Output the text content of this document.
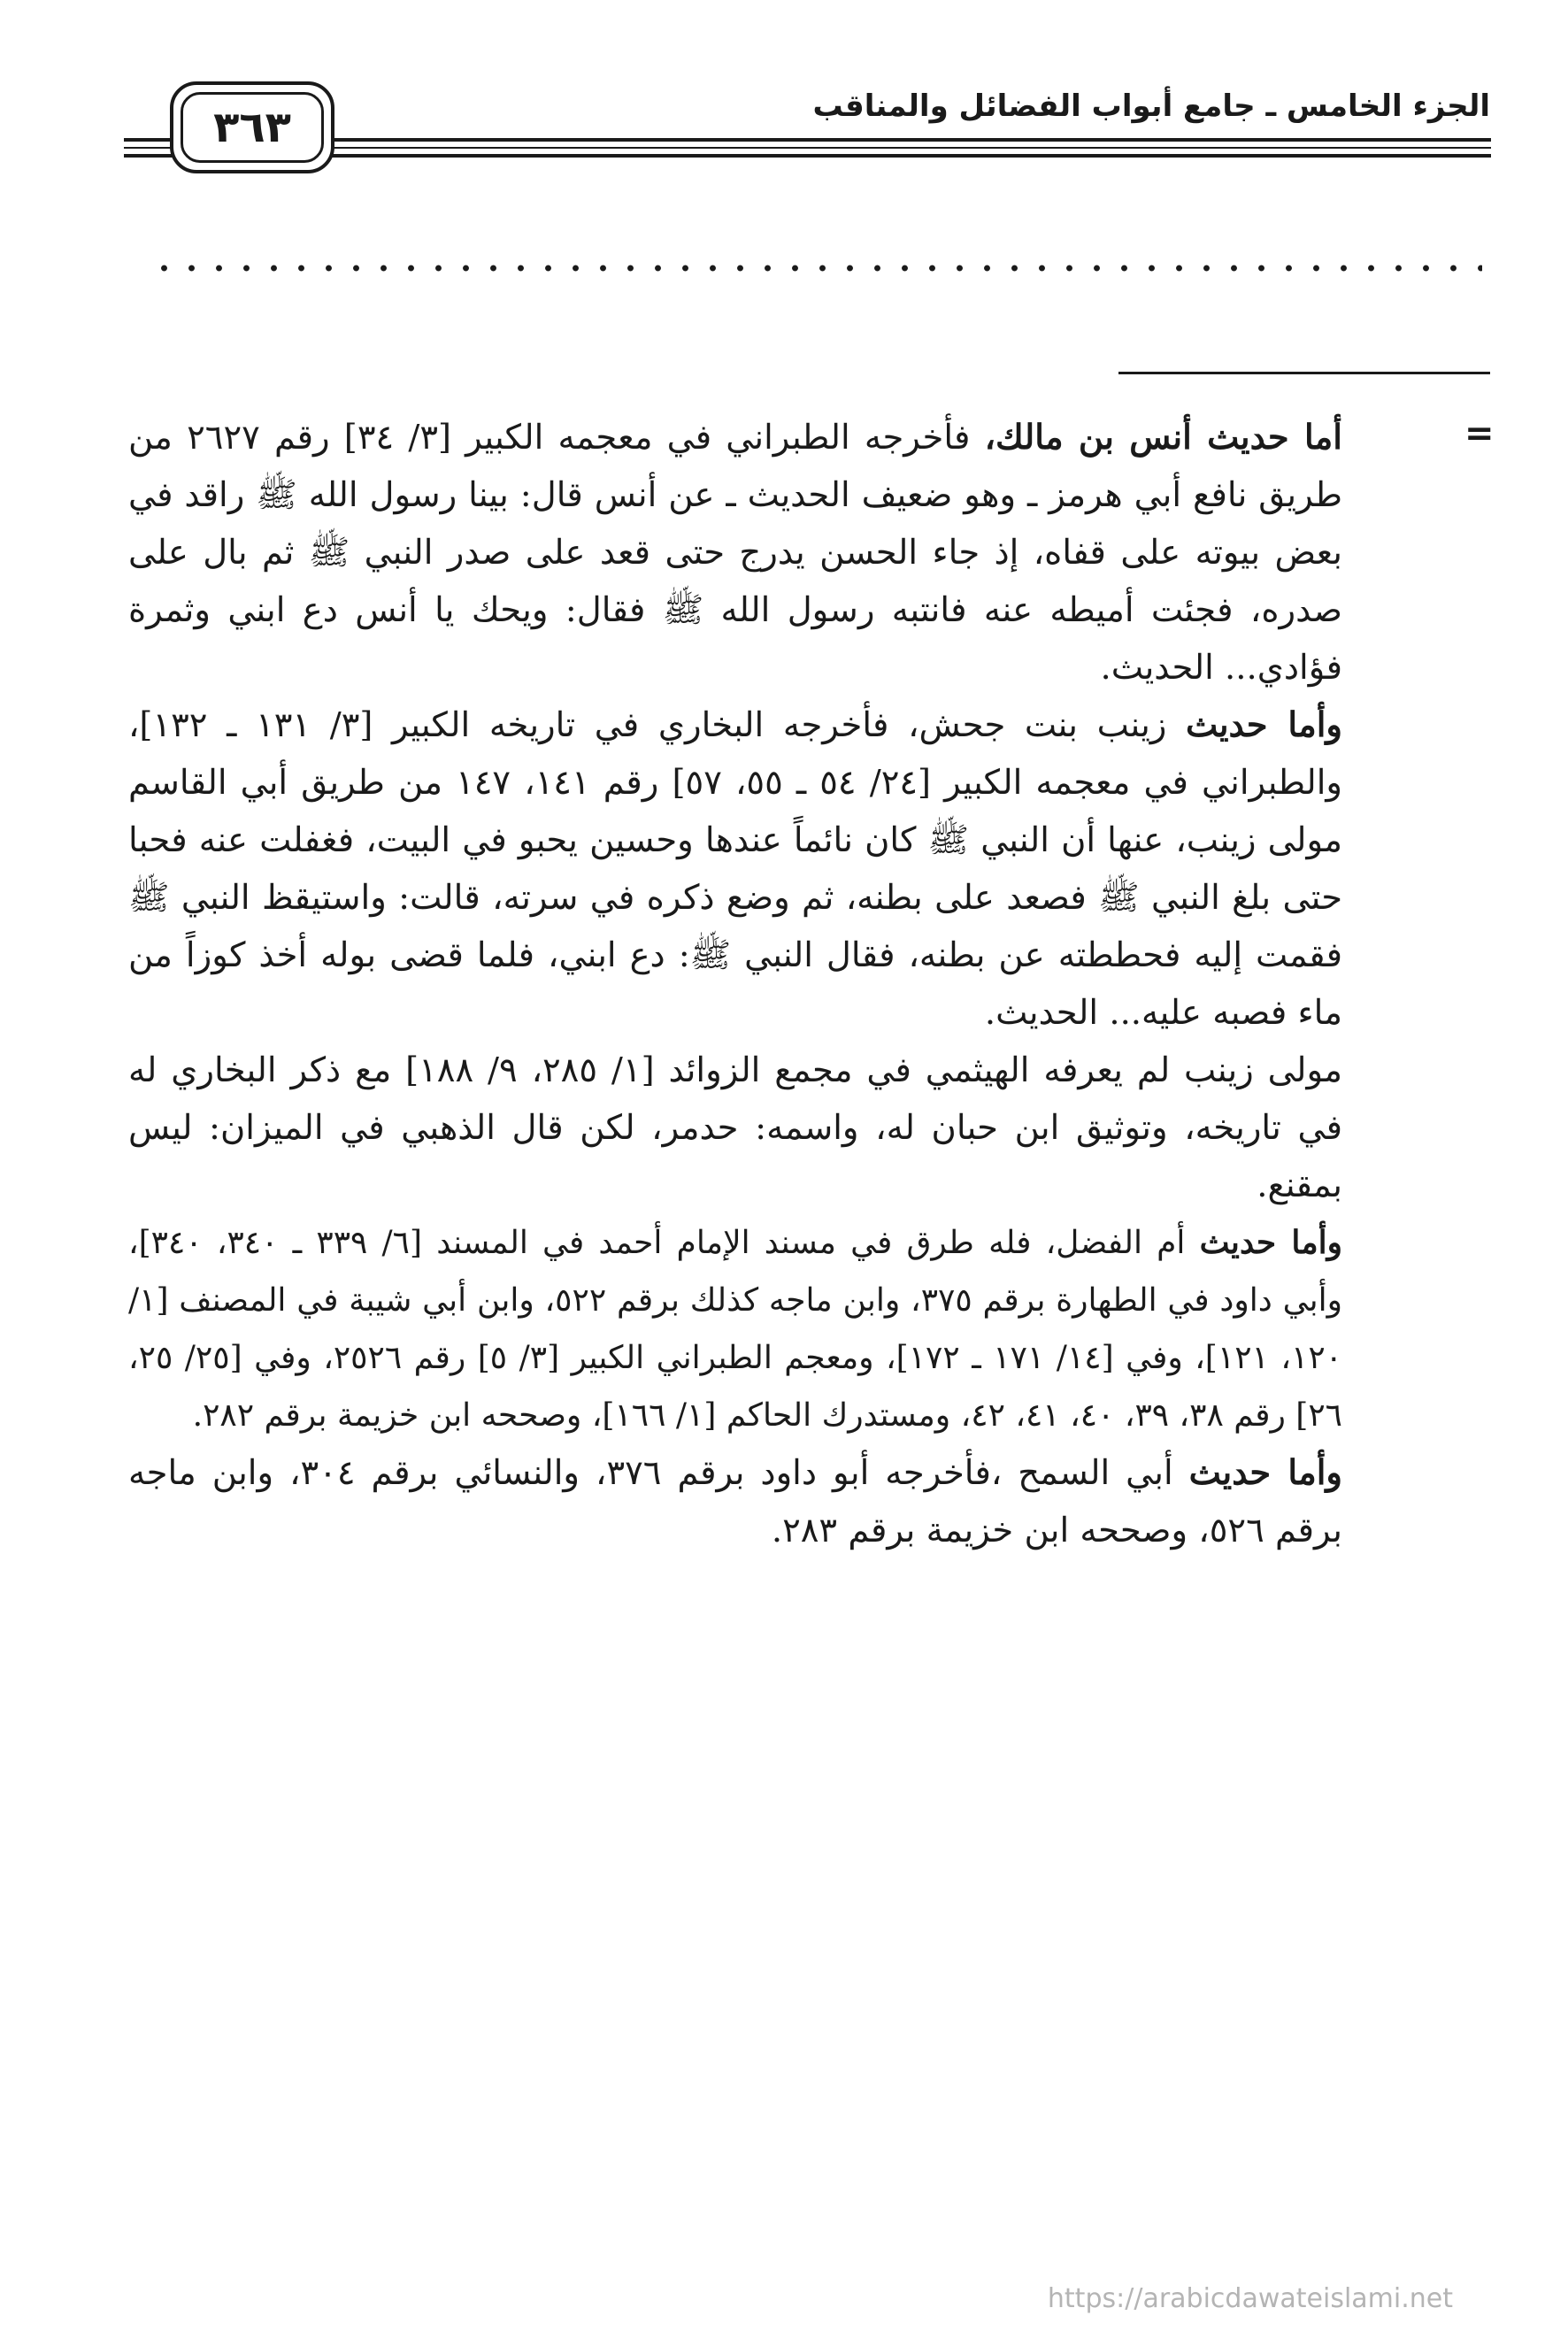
الجزء الخامس ـ جامع أبواب الفضائل والمناقب
٣٦٣
=

أما حديث أنس بن مالك، فأخرجه الطبراني في معجمه الكبير [٣/ ٣٤] رقم ٢٦٢٧ من طريق نافع أبي هرمز ـ وهو ضعيف الحديث ـ عن أنس قال: بينا رسول الله ﷺ راقد في بعض بيوته على قفاه، إذ جاء الحسن يدرج حتى قعد على صدر النبي ﷺ ثم بال على صدره، فجئت أميطه عنه فانتبه رسول الله ﷺ فقال: ويحك يا أنس دع ابني وثمرة فؤادي... الحديث.

وأما حديث زينب بنت جحش، فأخرجه البخاري في تاريخه الكبير [٣/ ١٣١ ـ ١٣٢]، والطبراني في معجمه الكبير [٢٤/ ٥٤ ـ ٥٥، ٥٧] رقم ١٤١، ١٤٧ من طريق أبي القاسم مولى زينب، عنها أن النبي ﷺ كان نائماً عندها وحسين يحبو في البيت، فغفلت عنه فحبا حتى بلغ النبي ﷺ فصعد على بطنه، ثم وضع ذكره في سرته، قالت: واستيقظ النبي ﷺ فقمت إليه فحططته عن بطنه، فقال النبي ﷺ: دع ابني، فلما قضى بوله أخذ كوزاً من ماء فصبه عليه... الحديث.

مولى زينب لم يعرفه الهيثمي في مجمع الزوائد [١/ ٢٨٥، ٩/ ١٨٨] مع ذكر البخاري له في تاريخه، وتوثيق ابن حبان له، واسمه: حدمر، لكن قال الذهبي في الميزان: ليس بمقنع.

وأما حديث أم الفضل، فله طرق في مسند الإمام أحمد في المسند [٦/ ٣٣٩ ـ ٣٤٠، ٣٤٠]، وأبي داود في الطهارة برقم ٣٧٥، وابن ماجه كذلك برقم ٥٢٢، وابن أبي شيبة في المصنف [١/ ١٢٠، ١٢١]، وفي [١٤/ ١٧١ ـ ١٧٢]، ومعجم الطبراني الكبير [٣/ ٥] رقم ٢٥٢٦، وفي [٢٥/ ٢٥، ٢٦] رقم ٣٨، ٣٩، ٤٠، ٤١، ٤٢، ومستدرك الحاكم [١/ ١٦٦]، وصححه ابن خزيمة برقم ٢٨٢.

وأما حديث أبي السمح ،فأخرجه أبو داود برقم ٣٧٦، والنسائي برقم ٣٠٤، وابن ماجه برقم ٥٢٦، وصححه ابن خزيمة برقم ٢٨٣.

https://arabicdawateislami.net
